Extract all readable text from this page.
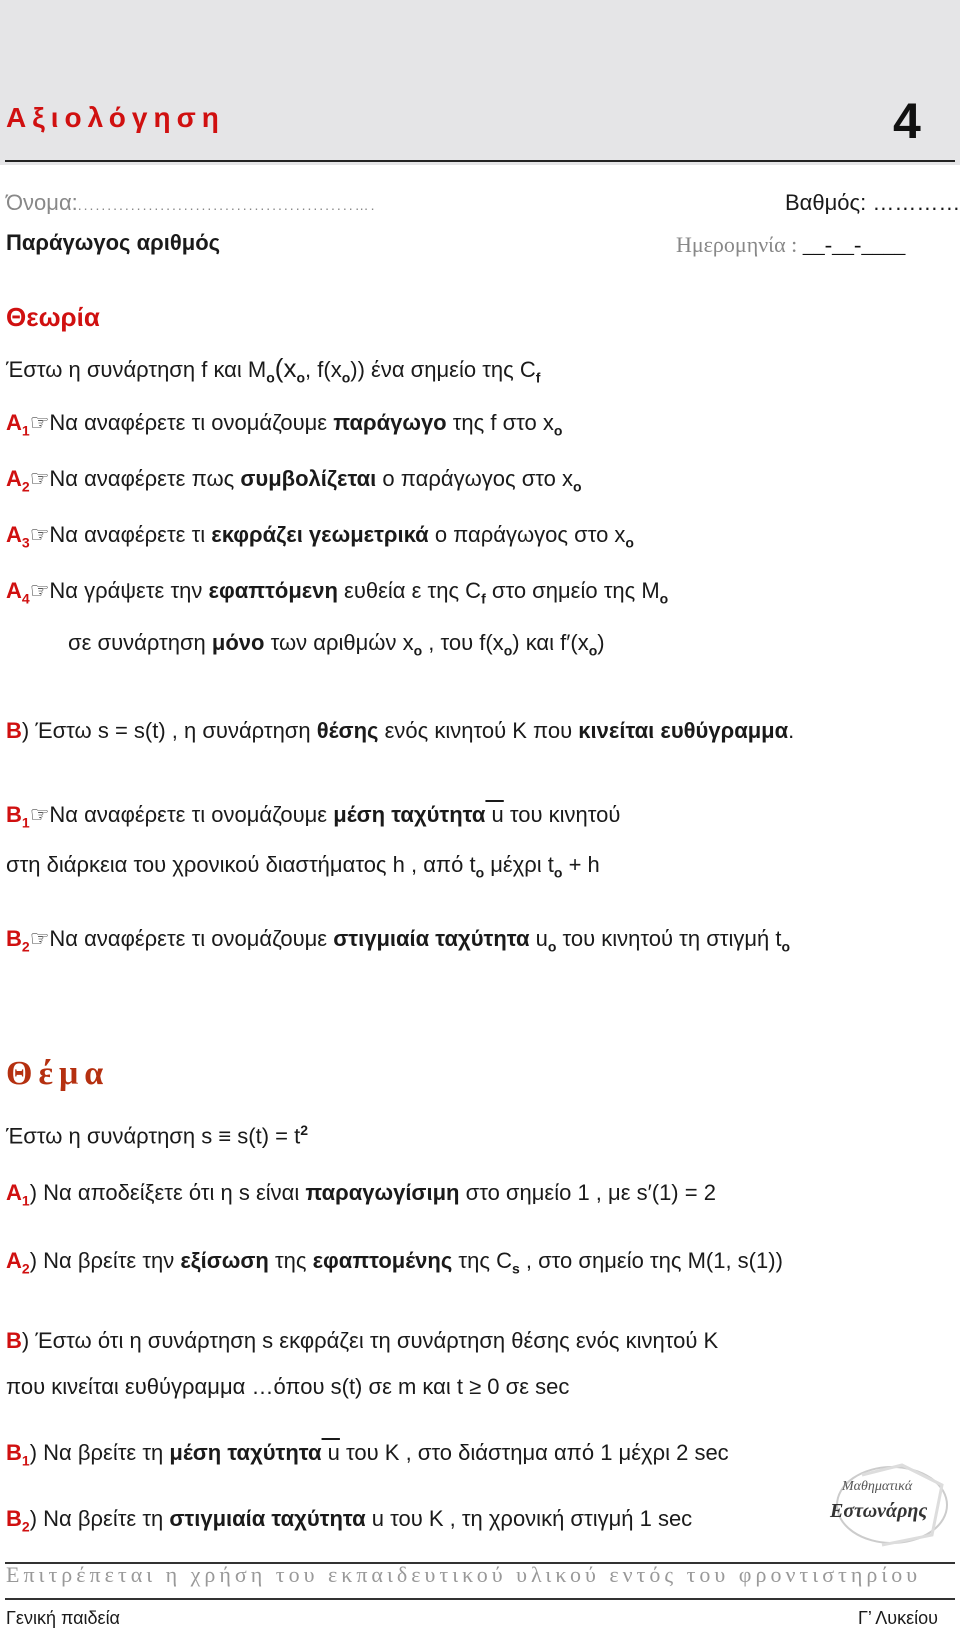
Αξιολόγηση	4
Όνομα:...............................................….	Βαθμός: …………
Παράγωγος αριθμός	Ημερομηνία : __-__-____
Θεωρία
Έστω η συνάρτηση f και $M_o(x_o$, $f(x_o)$) ένα σημείο της $C_f$
$A_1☞N\alpha$ αναφέρετε τι ονομάζουμε παράγωγο της f στο $x_o$
$A_2☞N\alpha$ αναφέρετε πως συμβολίζεται ο παράγωγος στο $x_o$
$A_3☞N\alpha$ αναφέρετε τι εκφράζει γεωμετρικά ο παράγωγος στο $x_o$
$A_4☞N\alpha$ γράψετε την εφαπτόμενη ευθεία ε της $C_f$ στο σημείο της $M_o$
σε συνάρτηση μόνο των αριθμών $x_o$ , του $f(x_o)$ και $f'(x_o)$
Β) Έστω s = s(t) , η συνάρτηση θέσης ενός κινητού K που κινείται ευθύγραμμα.
$B_1☞N\alpha$ αναφέρετε τι ονομάζουμε μέση ταχύτητα u του κινητού
στη διάρκεια του χρονικού διαστήματος h , από $t_o$ μέχρι $t_o + h$
$B_2☞N\alpha$ αναφέρετε τι ονομάζουμε στιγμιαία ταχύτητα $u_o$ του κινητού τη στιγμή $t_o$
Θέμα
Έστω η συνάρτηση $s \equiv s(t) = t^2$
$A_1$) Να αποδείξετε ότι η s είναι παραγωγίσιμη στο σημείο 1 , με s′(1) = 2
$A_2$) Να βρείτε την εξίσωση της εφαπτομένης της $C_s$ , στο σημείο της M(1, s(1))
Β) Έστω ότι η συνάρτηση s εκφράζει τη συνάρτηση θέσης ενός κινητού K
που κινείται ευθύγραμμα …όπου s(t) σε m και t ≥ 0 σε sec
$B_1$) Να βρείτε τη μέση ταχύτητα u του K , στο διάστημα από 1 μέχρι 2 sec
$B_2$) Να βρείτε τη στιγμιαία ταχύτητα u του K , τη χρονική στιγμή 1 sec
Μαθηματικά
Εστωνάρης
Επιτρέπεται η χρήση του εκπαιδευτικού υλικού εντός του φροντιστηρίου
Γενική παιδεία	Γ’ Λυκείου
